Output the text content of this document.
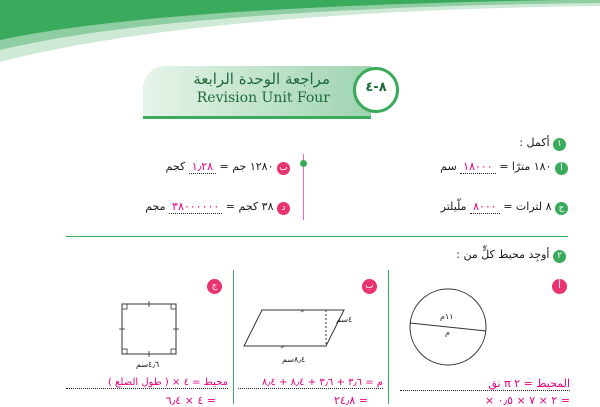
مراجعة الوحدة الرابعة
Revision Unit Four
٨-٤
١ أكمل :
أ ١٨٠ مترًا = ١٨٠٠٠ سم
ب ١٢٨٠ جم = ١٫٢٨ كجم
ج ٨ لترات = ٨٠٠٠ ملّيلتر
د ٣٨ كجم = ٣٨٠٠٠٠٠٠ مجم
٢ أوجِد محيط كلٍّ من :
أ
ب
ج
١١م
م
»
»
٤سم
٨٫٤سم
٤٫٦سم
المحيط = ٢ π نق
= ٢ × ٧ × ٠٫٥ ×
م = ٣٫٦ + ٣٫٦ + ٨٫٤ + ٨٫٤
= ٢٤٫٨
محيط = ٤ × ( طول الضلع )
= ٤ × ٦٫٤
